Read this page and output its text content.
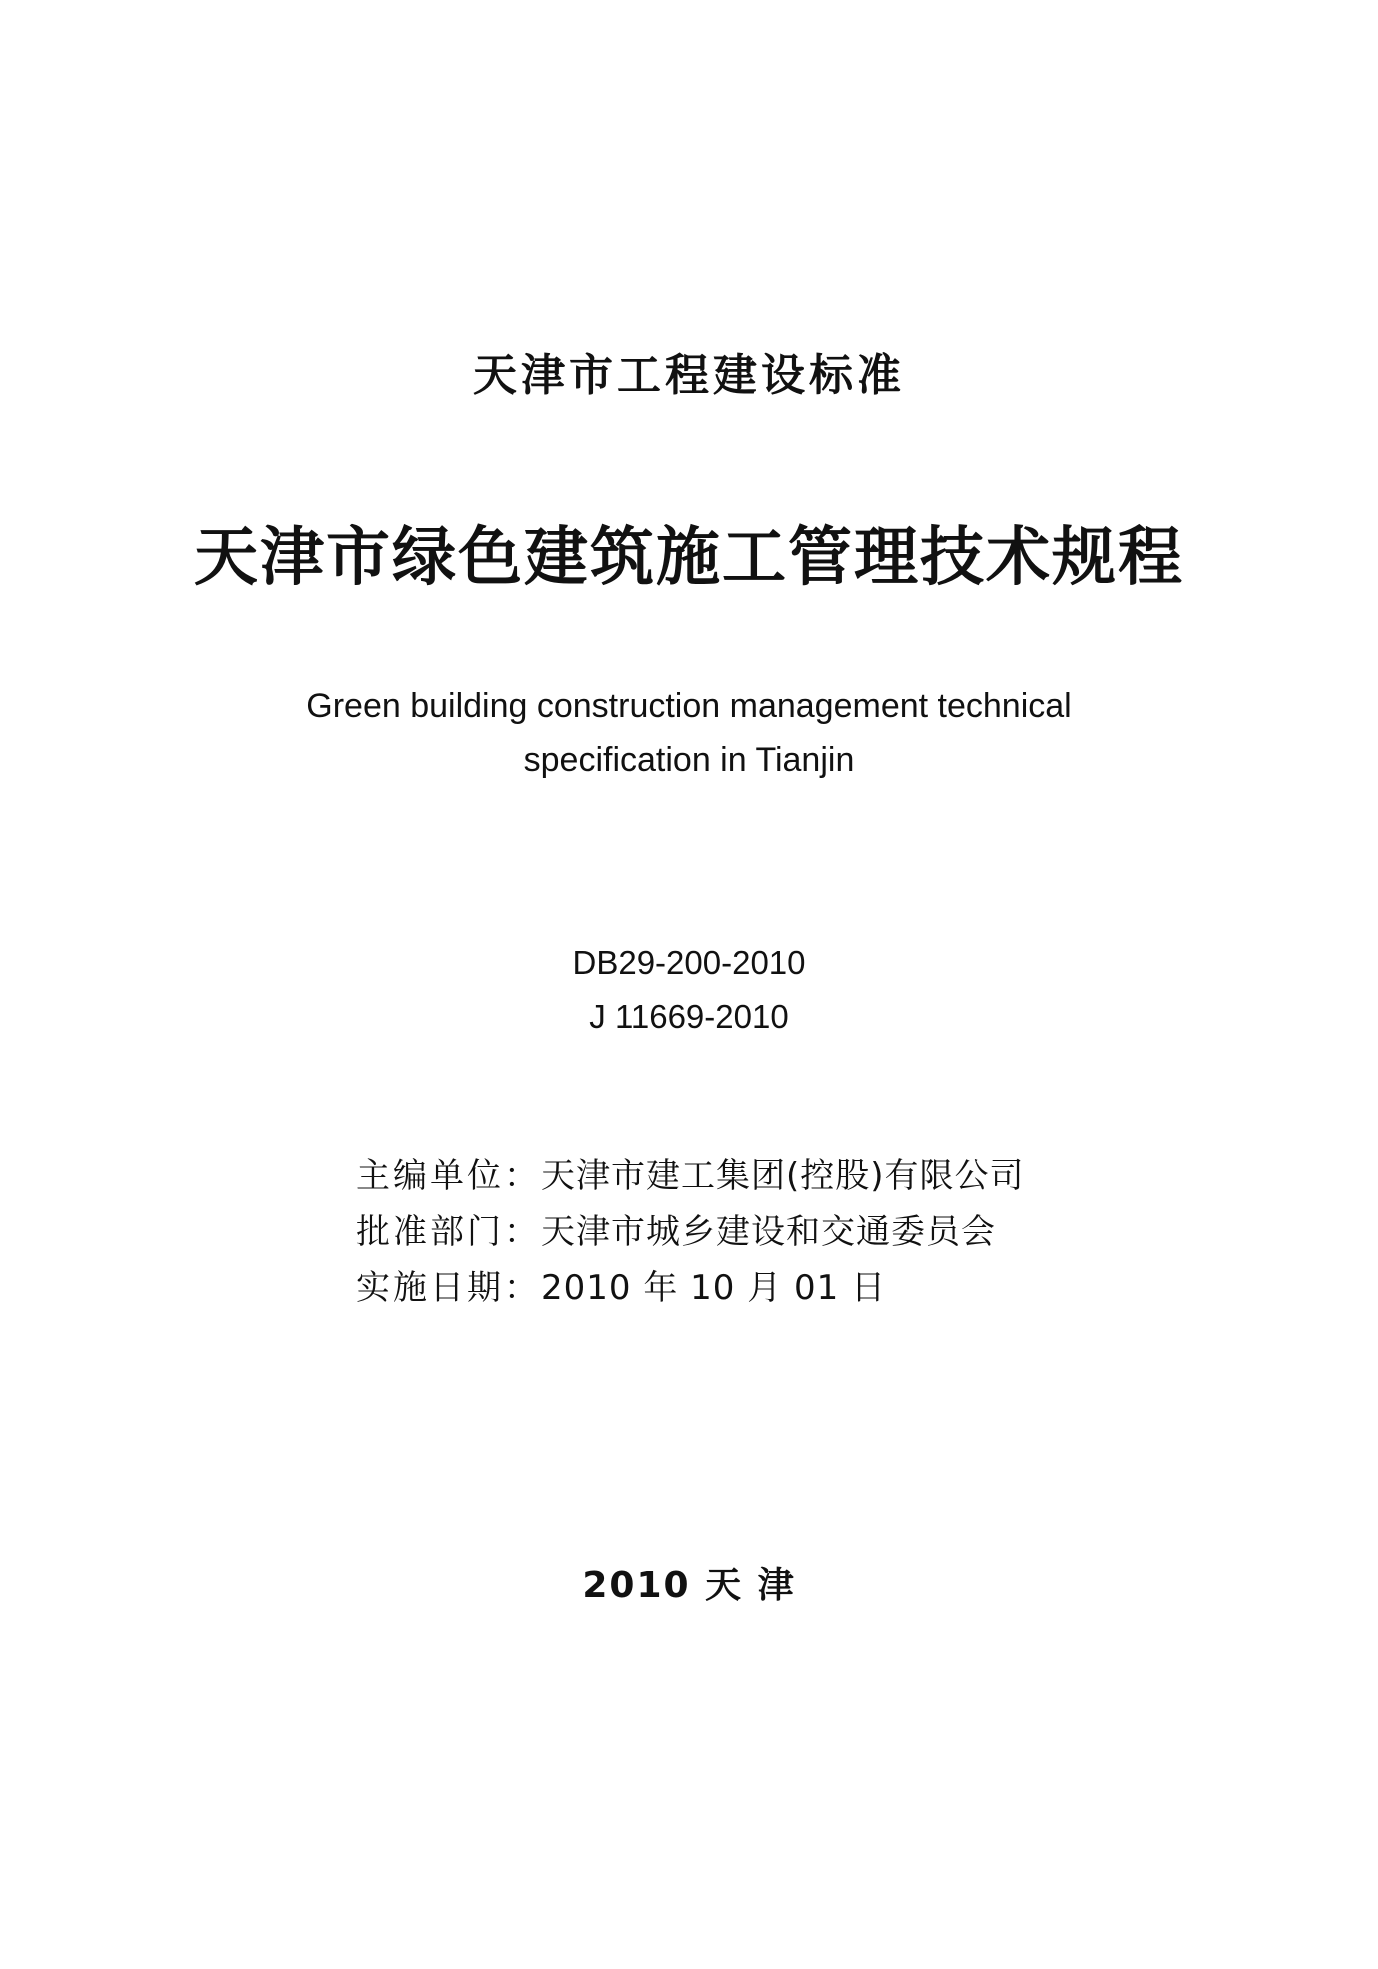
天津市工程建设标准
天津市绿色建筑施工管理技术规程
Green building construction management technical
specification in Tianjin
DB29-200-2010
J 11669-2010
主编单位：天津市建工集团(控股)有限公司
批准部门：天津市城乡建设和交通委员会
实施日期：2010 年 10 月 01 日
2010 天 津
